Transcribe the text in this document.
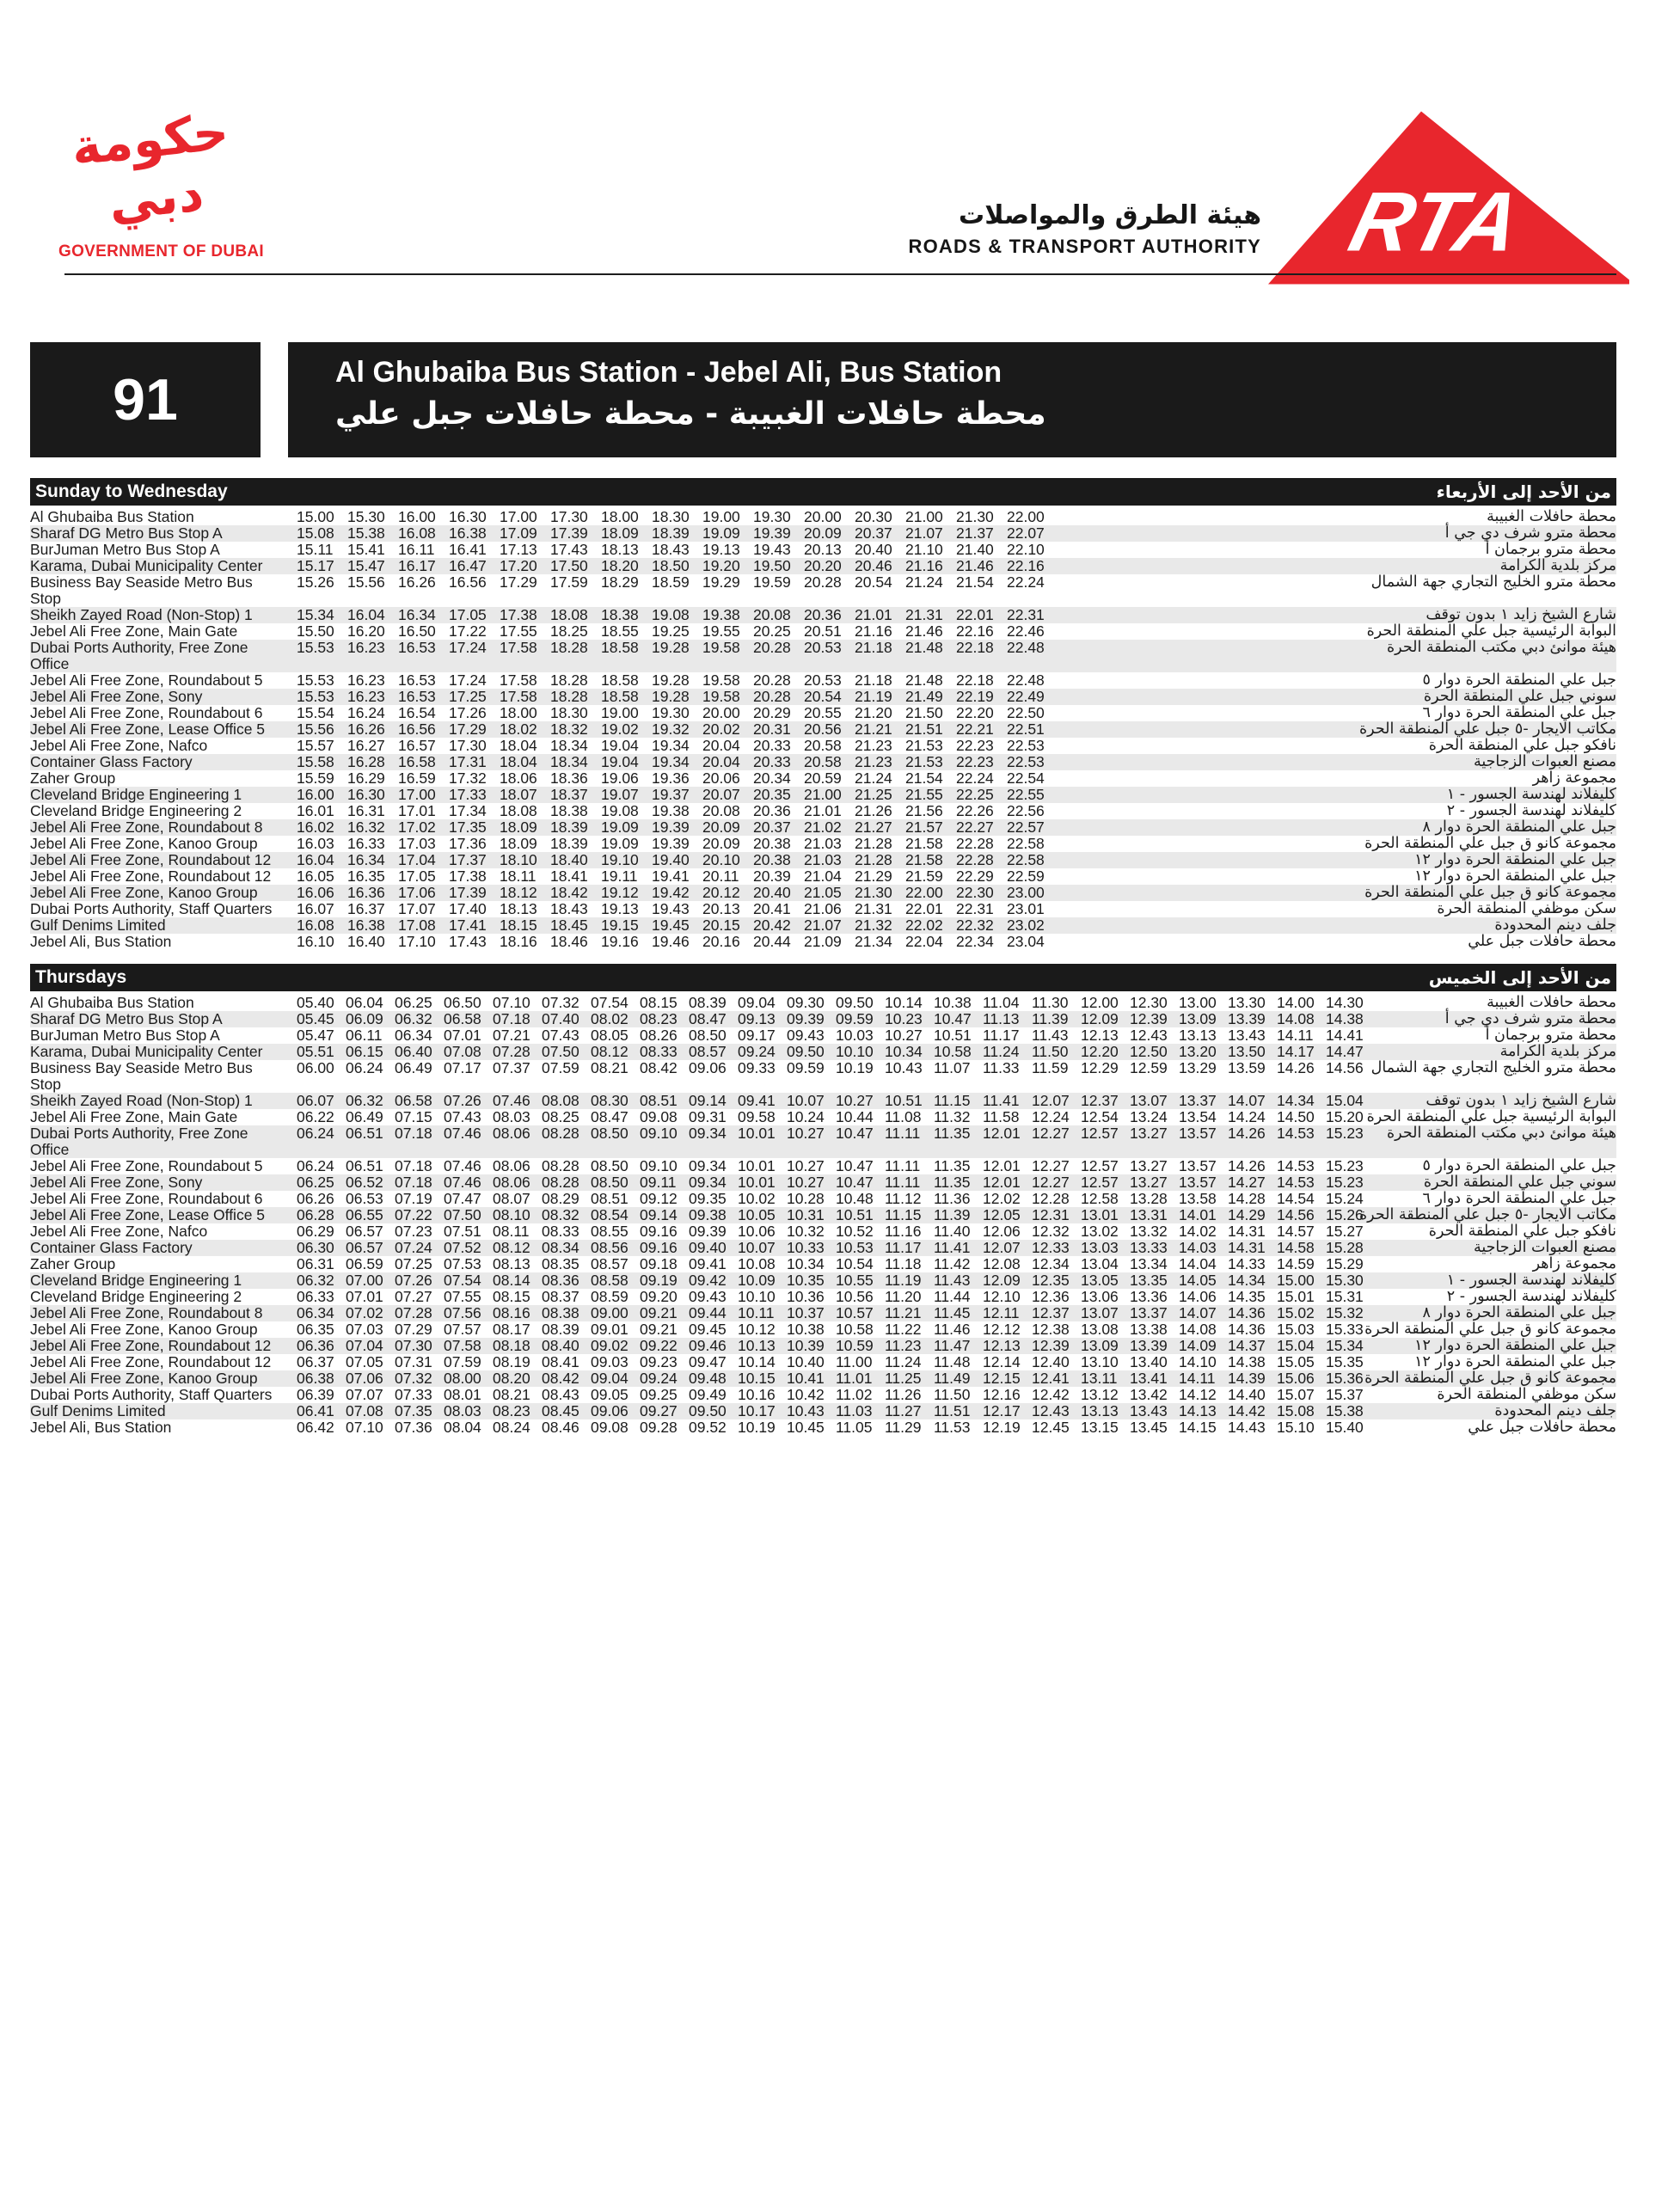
حكومة دبي
GOVERNMENT OF DUBAI
هيئة الطرق والمواصلات
ROADS & TRANSPORT AUTHORITY RTA
91	Al Ghubaiba Bus Station - Jebel Ali, Bus Station
محطة حافلات الغبيبة - محطة حافلات جبل علي
Sunday to Wednesday	من الأحد إلى الأربعاء
Al Ghubaiba Bus Station	15.00 15.30 16.00 16.30 17.00 17.30 18.00 18.30 19.00 19.30 20.00 20.30 21.00 21.30 22.00	محطة حافلات الغبيبة
Sharaf DG Metro Bus Stop A	15.08 15.38 16.08 16.38 17.09 17.39 18.09 18.39 19.09 19.39 20.09 20.37 21.07 21.37 22.07	محطة مترو شرف دي جي أ
BurJuman Metro Bus Stop A	15.11 15.41 16.11 16.41 17.13 17.43 18.13 18.43 19.13 19.43 20.13 20.40 21.10 21.40 22.10	محطة مترو برجمان أ
Karama, Dubai Municipality Center	15.17 15.47 16.17 16.47 17.20 17.50 18.20 18.50 19.20 19.50 20.20 20.46 21.16 21.46 22.16	مركز بلدية الكرامة
Business Bay Seaside Metro Bus Stop
15.26 15.56 16.26 16.56 17.29 17.59 18.29 18.59 19.29 19.59 20.28 20.54 21.24 21.54 22.24	محطة مترو الخليج التجاري جهة الشمال
Sheikh Zayed Road (Non-Stop) 1	15.34 16.04 16.34 17.05 17.38 18.08 18.38 19.08 19.38 20.08 20.36 21.01 21.31 22.01 22.31	شارع الشيخ زايد ١ بدون توقف
Jebel Ali Free Zone, Main Gate	15.50 16.20 16.50 17.22 17.55 18.25 18.55 19.25 19.55 20.25 20.51 21.16 21.46 22.16 22.46	البوابة الرئيسية جبل علي المنطقة الحرة
Dubai Ports Authority, Free Zone Office
15.53 16.23 16.53 17.24 17.58 18.28 18.58 19.28 19.58 20.28 20.53 21.18 21.48 22.18 22.48	هيئة موانئ دبي مكتب المنطقة الحرة
Jebel Ali Free Zone, Roundabout 5	15.53 16.23 16.53 17.24 17.58 18.28 18.58 19.28 19.58 20.28 20.53 21.18 21.48 22.18 22.48	جبل علي المنطقة الحرة دوار ٥
Jebel Ali Free Zone, Sony	15.53 16.23 16.53 17.25 17.58 18.28 18.58 19.28 19.58 20.28 20.54 21.19 21.49 22.19 22.49	سوني جبل علي المنطقة الحرة
Jebel Ali Free Zone, Roundabout 6	15.54 16.24 16.54 17.26 18.00 18.30 19.00 19.30 20.00 20.29 20.55 21.20 21.50 22.20 22.50	جبل علي المنطقة الحرة دوار ٦
Jebel Ali Free Zone, Lease Office 5	15.56 16.26 16.56 17.29 18.02 18.32 19.02 19.32 20.02 20.31 20.56 21.21 21.51 22.21 22.51	مكاتب الايجار -٥ جبل علي المنطقة الحرة
Jebel Ali Free Zone, Nafco	15.57 16.27 16.57 17.30 18.04 18.34 19.04 19.34 20.04 20.33 20.58 21.23 21.53 22.23 22.53	نافكو جبل علي المنطقة الحرة
Container Glass Factory	15.58 16.28 16.58 17.31 18.04 18.34 19.04 19.34 20.04 20.33 20.58 21.23 21.53 22.23 22.53	مصنع العبوات الزجاجية
Zaher Group	15.59 16.29 16.59 17.32 18.06 18.36 19.06 19.36 20.06 20.34 20.59 21.24 21.54 22.24 22.54	مجموعة زاهر
Cleveland Bridge Engineering 1	16.00 16.30 17.00 17.33 18.07 18.37 19.07 19.37 20.07 20.35 21.00 21.25 21.55 22.25 22.55	كليفلاند لهندسة الجسور - ١
Cleveland Bridge Engineering 2	16.01 16.31 17.01 17.34 18.08 18.38 19.08 19.38 20.08 20.36 21.01 21.26 21.56 22.26 22.56	كليفلاند لهندسة الجسور - ٢
Jebel Ali Free Zone, Roundabout 8	16.02 16.32 17.02 17.35 18.09 18.39 19.09 19.39 20.09 20.37 21.02 21.27 21.57 22.27 22.57	جبل علي المنطقة الحرة دوار ٨
Jebel Ali Free Zone, Kanoo Group	16.03 16.33 17.03 17.36 18.09 18.39 19.09 19.39 20.09 20.38 21.03 21.28 21.58 22.28 22.58	مجموعة كانو ق جبل علي المنطقة الحرة
Jebel Ali Free Zone, Roundabout 12 16.04 16.34 17.04 17.37 18.10 18.40 19.10 19.40 20.10 20.38 21.03 21.28 21.58 22.28 22.58	جبل علي المنطقة الحرة دوار ١٢
Jebel Ali Free Zone, Roundabout 12 16.05 16.35 17.05 17.38 18.11 18.41 19.11 19.41 20.11 20.39 21.04 21.29 21.59 22.29 22.59	جبل علي المنطقة الحرة دوار ١٢
Jebel Ali Free Zone, Kanoo Group	16.06 16.36 17.06 17.39 18.12 18.42 19.12 19.42 20.12 20.40 21.05 21.30 22.00 22.30 23.00	مجموعة كانو ق جبل علي المنطقة الحرة
Dubai Ports Authority, Staff Quarters 16.07 16.37 17.07 17.40 18.13 18.43 19.13 19.43 20.13 20.41 21.06 21.31 22.01 22.31 23.01	سكن موظفي المنطقة الحرة
Gulf Denims Limited	16.08 16.38 17.08 17.41 18.15 18.45 19.15 19.45 20.15 20.42 21.07 21.32 22.02 22.32 23.02	جلف دينم المحدودة
Jebel Ali, Bus Station	16.10 16.40 17.10 17.43 18.16 18.46 19.16 19.46 20.16 20.44 21.09 21.34 22.04 22.34 23.04	محطة حافلات جبل علي
Thursdays	من الأحد إلى الخميس
Al Ghubaiba Bus Station	05.40 06.04 06.25 06.50 07.10 07.32 07.54 08.15 08.39 09.04 09.30 09.50 10.14 10.38 11.04 11.30 12.00 12.30 13.00 13.30 14.00 14.30	محطة حافلات الغبيبة
Sharaf DG Metro Bus Stop A	05.45 06.09 06.32 06.58 07.18 07.40 08.02 08.23 08.47 09.13 09.39 09.59 10.23 10.47 11.13 11.39 12.09 12.39 13.09 13.39 14.08 14.38	محطة مترو شرف دي جي أ
BurJuman Metro Bus Stop A	05.47 06.11 06.34 07.01 07.21 07.43 08.05 08.26 08.50 09.17 09.43 10.03 10.27 10.51 11.17 11.43 12.13 12.43 13.13 13.43 14.11 14.41	محطة مترو برجمان أ
Karama, Dubai Municipality Center	05.51 06.15 06.40 07.08 07.28 07.50 08.12 08.33 08.57 09.24 09.50 10.10 10.34 10.58 11.24 11.50 12.20 12.50 13.20 13.50 14.17 14.47	مركز بلدية الكرامة
Business Bay Seaside Metro Bus Stop
06.00 06.24 06.49 07.17 07.37 07.59 08.21 08.42 09.06 09.33 09.59 10.19 10.43 11.07 11.33 11.59 12.29 12.59 13.29 13.59 14.26 14.56 محطة مترو الخليج التجاري جهة الشمال
Sheikh Zayed Road (Non-Stop) 1	06.07 06.32 06.58 07.26 07.46 08.08 08.30 08.51 09.14 09.41 10.07 10.27 10.51 11.15 11.41 12.07 12.37 13.07 13.37 14.07 14.34 15.04	شارع الشيخ زايد ١ بدون توقف
Jebel Ali Free Zone, Main Gate	06.22 06.49 07.15 07.43 08.03 08.25 08.47 09.08 09.31 09.58 10.24 10.44 11.08 11.32 11.58 12.24 12.54 13.24 13.54 14.24 14.50 15.20 البوابة الرئيسية جبل علي المنطقة الحرة
Dubai Ports Authority, Free Zone Office
06.24 06.51 07.18 07.46 08.06 08.28 08.50 09.10 09.34 10.01 10.27 10.47 11.11 11.35 12.01 12.27 12.57 13.27 13.57 14.26 14.53 15.23	هيئة موانئ دبي مكتب المنطقة الحرة
Jebel Ali Free Zone, Roundabout 5	06.24 06.51 07.18 07.46 08.06 08.28 08.50 09.10 09.34 10.01 10.27 10.47 11.11 11.35 12.01 12.27 12.57 13.27 13.57 14.26 14.53 15.23	جبل علي المنطقة الحرة دوار ٥
Jebel Ali Free Zone, Sony	06.25 06.52 07.18 07.46 08.06 08.28 08.50 09.11 09.34 10.01 10.27 10.47 11.11 11.35 12.01 12.27 12.57 13.27 13.57 14.27 14.53 15.23	سوني جبل علي المنطقة الحرة
Jebel Ali Free Zone, Roundabout 6	06.26 06.53 07.19 07.47 08.07 08.29 08.51 09.12 09.35 10.02 10.28 10.48 11.12 11.36 12.02 12.28 12.58 13.28 13.58 14.28 14.54 15.24	جبل علي المنطقة الحرة دوار ٦
Jebel Ali Free Zone, Lease Office 5	06.28 06.55 07.22 07.50 08.10 08.32 08.54 09.14 09.38 10.05 10.31 10.51 11.15 11.39 12.05 12.31 13.01 13.31 14.01 14.29 14.56 15.26
مكاتب الايجار -٥ جبل علي المنطقة الحرة
Jebel Ali Free Zone, Nafco	06.29 06.57 07.23 07.51 08.11 08.33 08.55 09.16 09.39 10.06 10.32 10.52 11.16 11.40 12.06 12.32 13.02 13.32 14.02 14.31 14.57 15.27	نافكو جبل علي المنطقة الحرة
Container Glass Factory	06.30 06.57 07.24 07.52 08.12 08.34 08.56 09.16 09.40 10.07 10.33 10.53 11.17 11.41 12.07 12.33 13.03 13.33 14.03 14.31 14.58 15.28	مصنع العبوات الزجاجية
Zaher Group	06.31 06.59 07.25 07.53 08.13 08.35 08.57 09.18 09.41 10.08 10.34 10.54 11.18 11.42 12.08 12.34 13.04 13.34 14.04 14.33 14.59 15.29	مجموعة زاهر
Cleveland Bridge Engineering 1	06.32 07.00 07.26 07.54 08.14 08.36 08.58 09.19 09.42 10.09 10.35 10.55 11.19 11.43 12.09 12.35 13.05 13.35 14.05 14.34 15.00 15.30	كليفلاند لهندسة الجسور - ١
Cleveland Bridge Engineering 2	06.33 07.01 07.27 07.55 08.15 08.37 08.59 09.20 09.43 10.10 10.36 10.56 11.20 11.44 12.10 12.36 13.06 13.36 14.06 14.35 15.01 15.31	كليفلاند لهندسة الجسور - ٢
Jebel Ali Free Zone, Roundabout 8	06.34 07.02 07.28 07.56 08.16 08.38 09.00 09.21 09.44 10.11 10.37 10.57 11.21 11.45 12.11 12.37 13.07 13.37 14.07 14.36 15.02 15.32	جبل علي المنطقة الحرة دوار ٨
Jebel Ali Free Zone, Kanoo Group	06.35 07.03 07.29 07.57 08.17 08.39 09.01 09.21 09.45 10.12 10.38 10.58 11.22 11.46 12.12 12.38 13.08 13.38 14.08 14.36 15.03 15.33 مجموعة كانو ق جبل علي المنطقة الحرة
Jebel Ali Free Zone, Roundabout 12 06.36 07.04 07.30 07.58 08.18 08.40 09.02 09.22 09.46 10.13 10.39 10.59 11.23 11.47 12.13 12.39 13.09 13.39 14.09 14.37 15.04 15.34	جبل علي المنطقة الحرة دوار ١٢
Jebel Ali Free Zone, Roundabout 12 06.37 07.05 07.31 07.59 08.19 08.41 09.03 09.23 09.47 10.14 10.40 11.00 11.24 11.48 12.14 12.40 13.10 13.40 14.10 14.38 15.05 15.35	جبل علي المنطقة الحرة دوار ١٢
Jebel Ali Free Zone, Kanoo Group	06.38 07.06 07.32 08.00 08.20 08.42 09.04 09.24 09.48 10.15 10.41 11.01 11.25 11.49 12.15 12.41 13.11 13.41 14.11 14.39 15.06 15.36 مجموعة كانو ق جبل علي المنطقة الحرة
Dubai Ports Authority, Staff Quarters 06.39 07.07 07.33 08.01 08.21 08.43 09.05 09.25 09.49 10.16 10.42 11.02 11.26 11.50 12.16 12.42 13.12 13.42 14.12 14.40 15.07 15.37	سكن موظفي المنطقة الحرة
Gulf Denims Limited	06.41 07.08 07.35 08.03 08.23 08.45 09.06 09.27 09.50 10.17 10.43 11.03 11.27 11.51 12.17 12.43 13.13 13.43 14.13 14.42 15.08 15.38	جلف دينم المحدودة
Jebel Ali, Bus Station	06.42 07.10 07.36 08.04 08.24 08.46 09.08 09.28 09.52 10.19 10.45 11.05 11.29 11.53 12.19 12.45 13.15 13.45 14.15 14.43 15.10 15.40	محطة حافلات جبل علي
